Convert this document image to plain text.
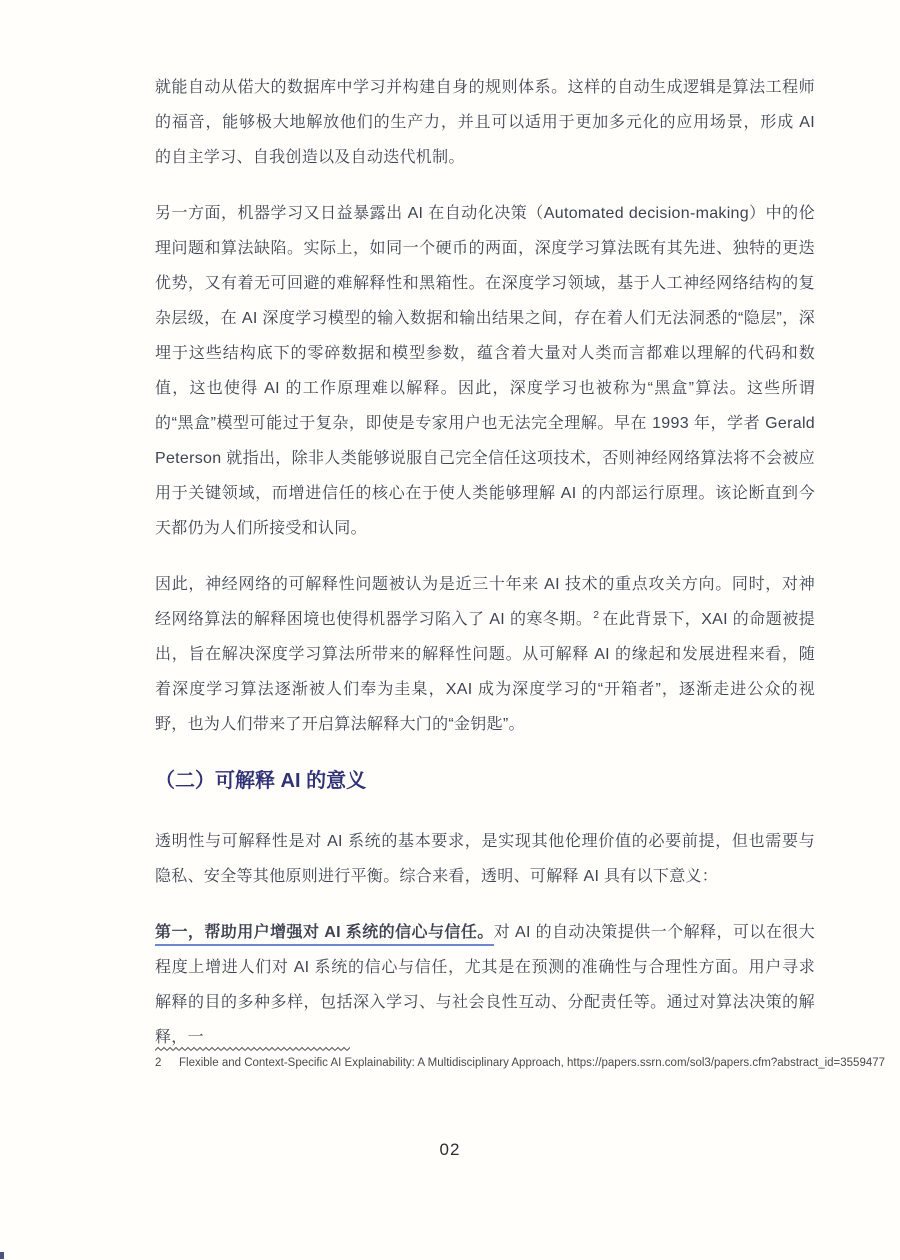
就能自动从偌大的数据库中学习并构建自身的规则体系。这样的自动生成逻辑是算法工程师的福音，能够极大地解放他们的生产力，并且可以适用于更加多元化的应用场景，形成 AI 的自主学习、自我创造以及自动迭代机制。

另一方面，机器学习又日益暴露出 AI 在自动化决策（Automated decision-making）中的伦理问题和算法缺陷。实际上，如同一个硬币的两面，深度学习算法既有其先进、独特的更迭优势，又有着无可回避的难解释性和黑箱性。在深度学习领域，基于人工神经网络结构的复杂层级，在 AI 深度学习模型的输入数据和输出结果之间，存在着人们无法洞悉的“隐层”，深埋于这些结构底下的零碎数据和模型参数，蕴含着大量对人类而言都难以理解的代码和数值，这也使得 AI 的工作原理难以解释。因此，深度学习也被称为“黑盒”算法。这些所谓的“黑盒”模型可能过于复杂，即使是专家用户也无法完全理解。早在 1993 年，学者 Gerald Peterson 就指出，除非人类能够说服自己完全信任这项技术，否则神经网络算法将不会被应用于关键领域，而增进信任的核心在于使人类能够理解 AI 的内部运行原理。该论断直到今天都仍为人们所接受和认同。

因此，神经网络的可解释性问题被认为是近三十年来 AI 技术的重点攻关方向。同时，对神经网络算法的解释困境也使得机器学习陷入了 AI 的寒冬期。$^2$ 在此背景下，XAI 的命题被提出，旨在解决深度学习算法所带来的解释性问题。从可解释 AI 的缘起和发展进程来看，随着深度学习算法逐渐被人们奉为圭臬，XAI 成为深度学习的“开箱者”，逐渐走进公众的视野，也为人们带来了开启算法解释大门的“金钥匙”。

（二）可解释 AI 的意义

透明性与可解释性是对 AI 系统的基本要求，是实现其他伦理价值的必要前提，但也需要与隐私、安全等其他原则进行平衡。综合来看，透明、可解释 AI 具有以下意义：

第一，帮助用户增强对 AI 系统的信心与信任。对 AI 的自动决策提供一个解释，可以在很大程度上增进人们对 AI 系统的信心与信任，尤其是在预测的准确性与合理性方面。用户寻求解释的目的多种多样，包括深入学习、与社会良性互动、分配责任等。通过对算法决策的解释，一

2	Flexible and Context-Specific AI Explainability: A Multidisciplinary Approach, https://papers.ssrn.com/sol3/papers.cfm?abstract_id=3559477
02
